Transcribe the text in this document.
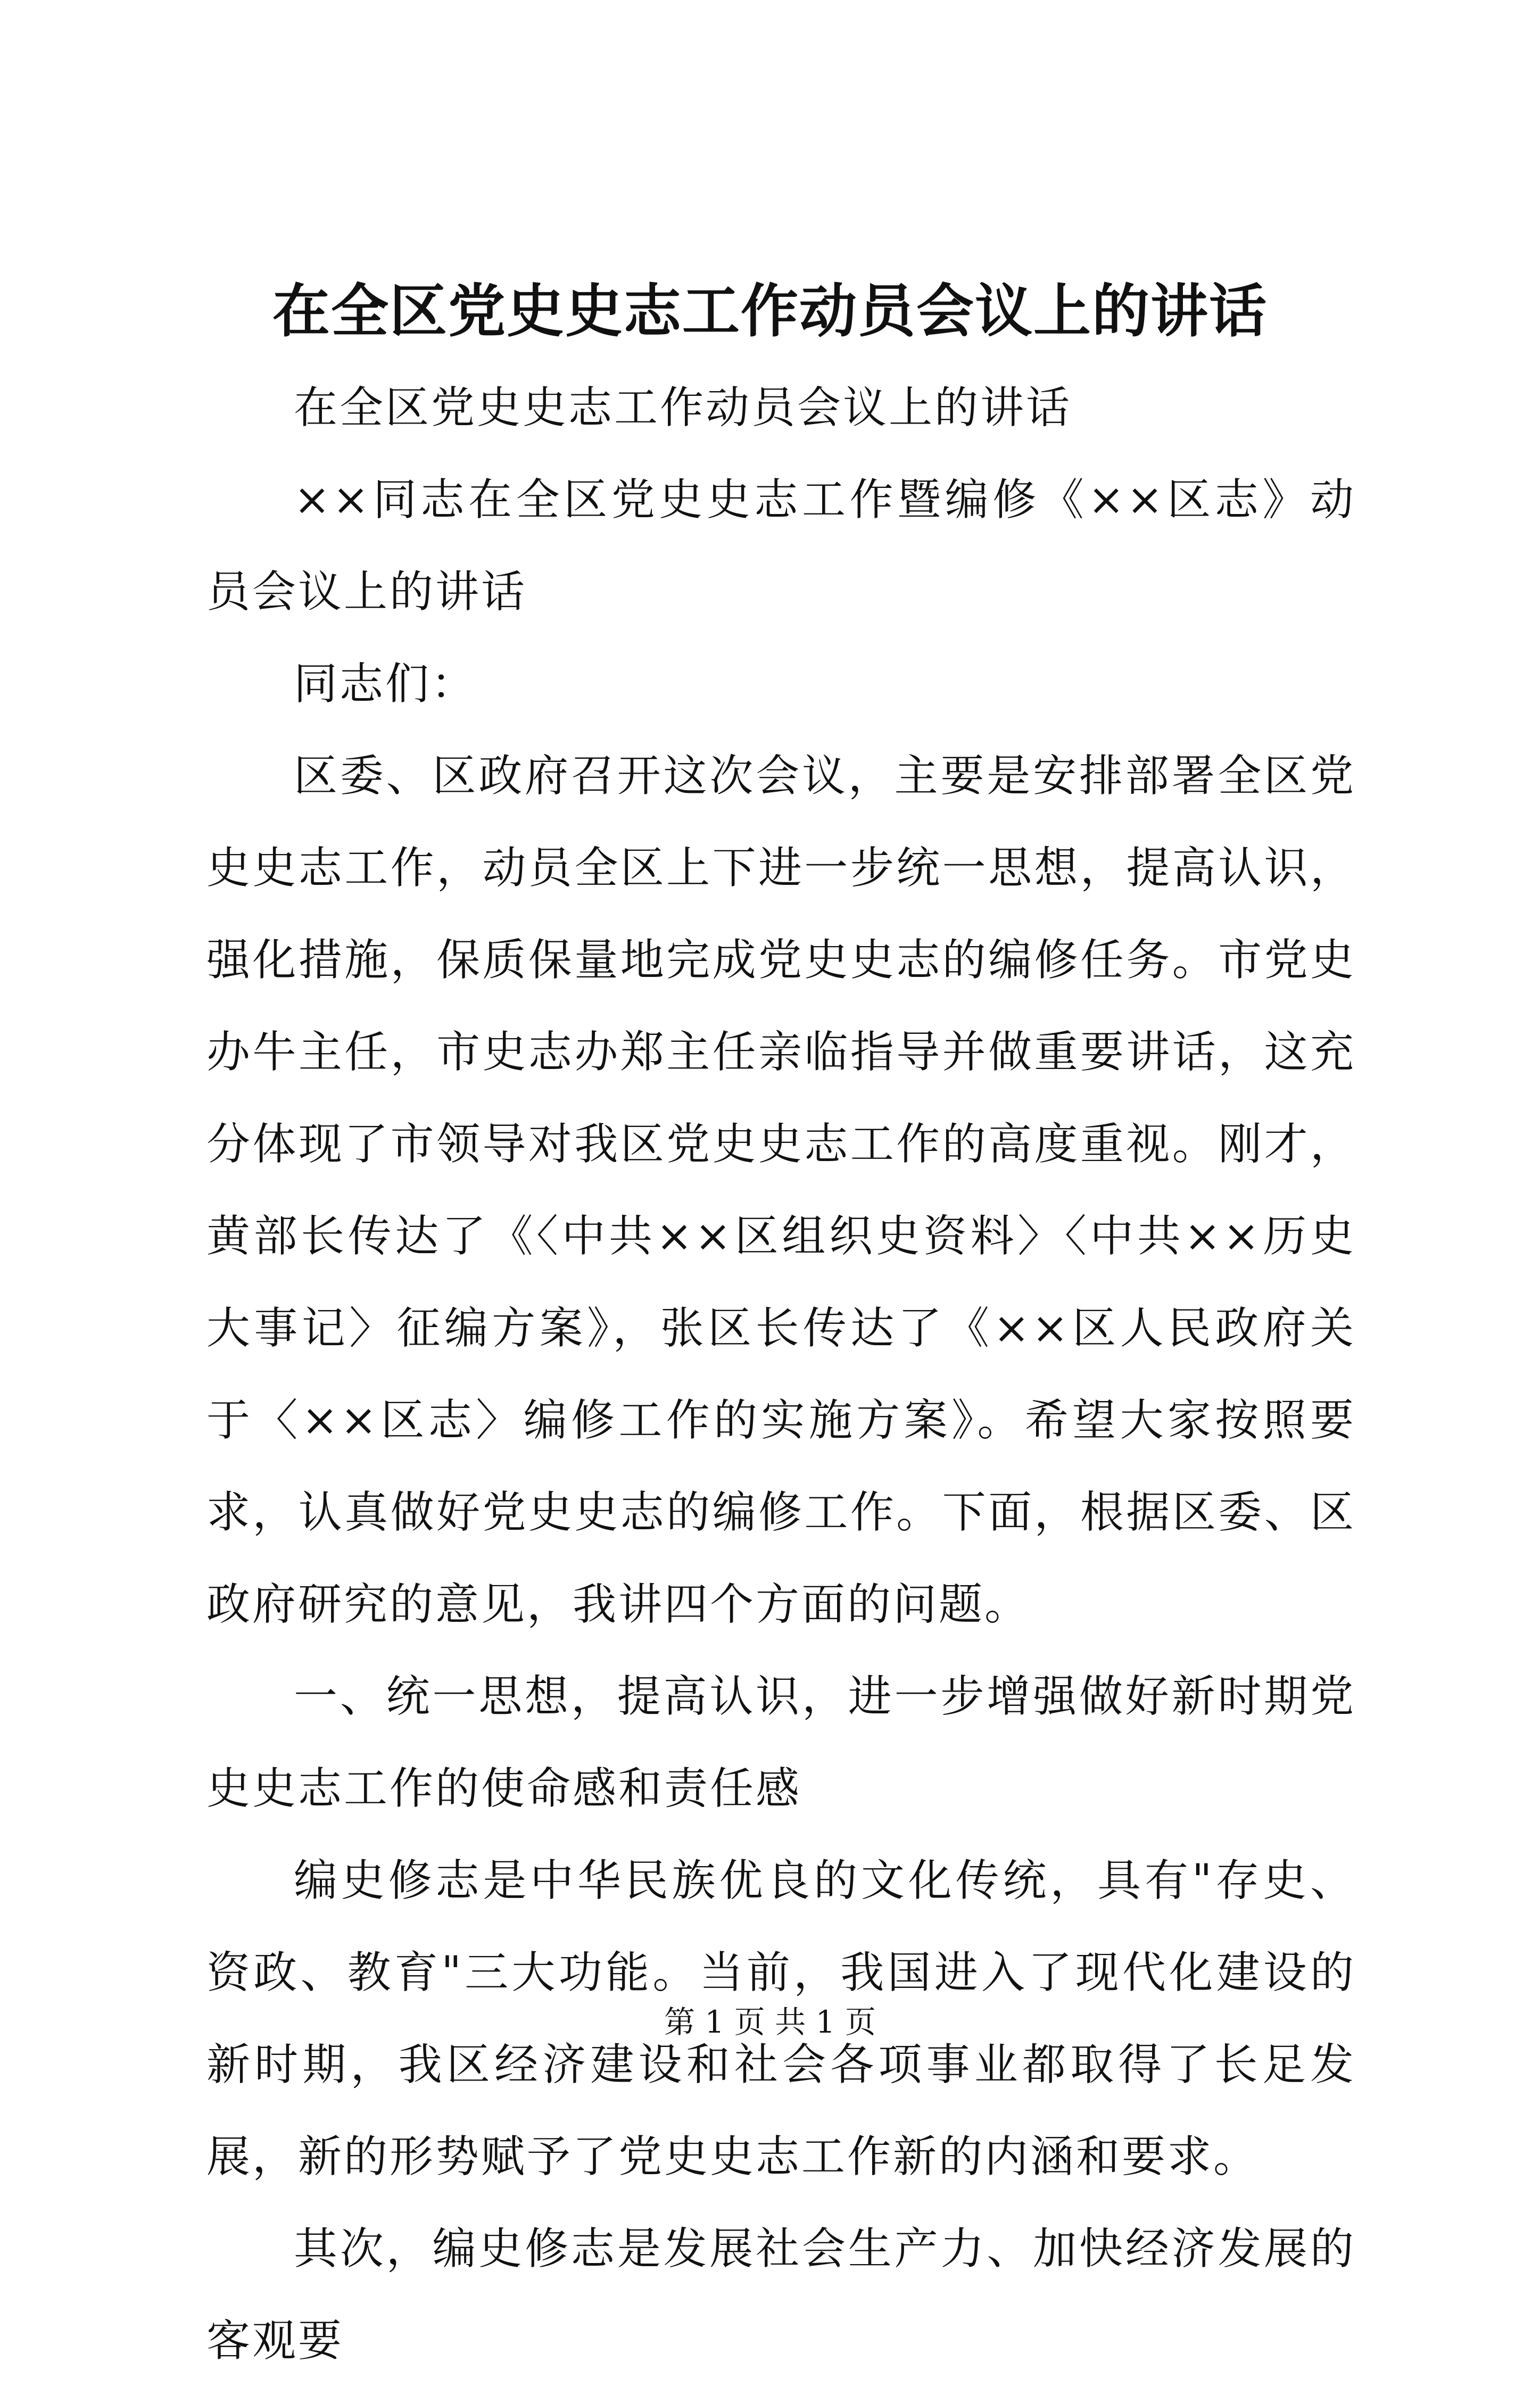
在全区党史史志工作动员会议上的讲话

在全区党史史志工作动员会议上的讲话

××同志在全区党史史志工作暨编修《××区志》动员会议上的讲话

同志们：

区委、区政府召开这次会议，主要是安排部署全区党史史志工作，动员全区上下进一步统一思想，提高认识，强化措施，保质保量地完成党史史志的编修任务。市党史办牛主任，市史志办郑主任亲临指导并做重要讲话，这充分体现了市领导对我区党史史志工作的高度重视。刚才，黄部长传达了《〈中共××区组织史资料〉〈中共××历史大事记〉征编方案》，张区长传达了《××区人民政府关于〈××区志〉编修工作的实施方案》。希望大家按照要求，认真做好党史史志的编修工作。下面，根据区委、区政府研究的意见，我讲四个方面的问题。

一、统一思想，提高认识，进一步增强做好新时期党史史志工作的使命感和责任感

编史修志是中华民族优良的文化传统，具有"存史、资政、教育"三大功能。当前，我国进入了现代化建设的新时期，我区经济建设和社会各项事业都取得了长足发展，新的形势赋予了党史史志工作新的内涵和要求。

其次，编史修志是发展社会生产力、加快经济发展的客观要

第 1 页 共 1 页
